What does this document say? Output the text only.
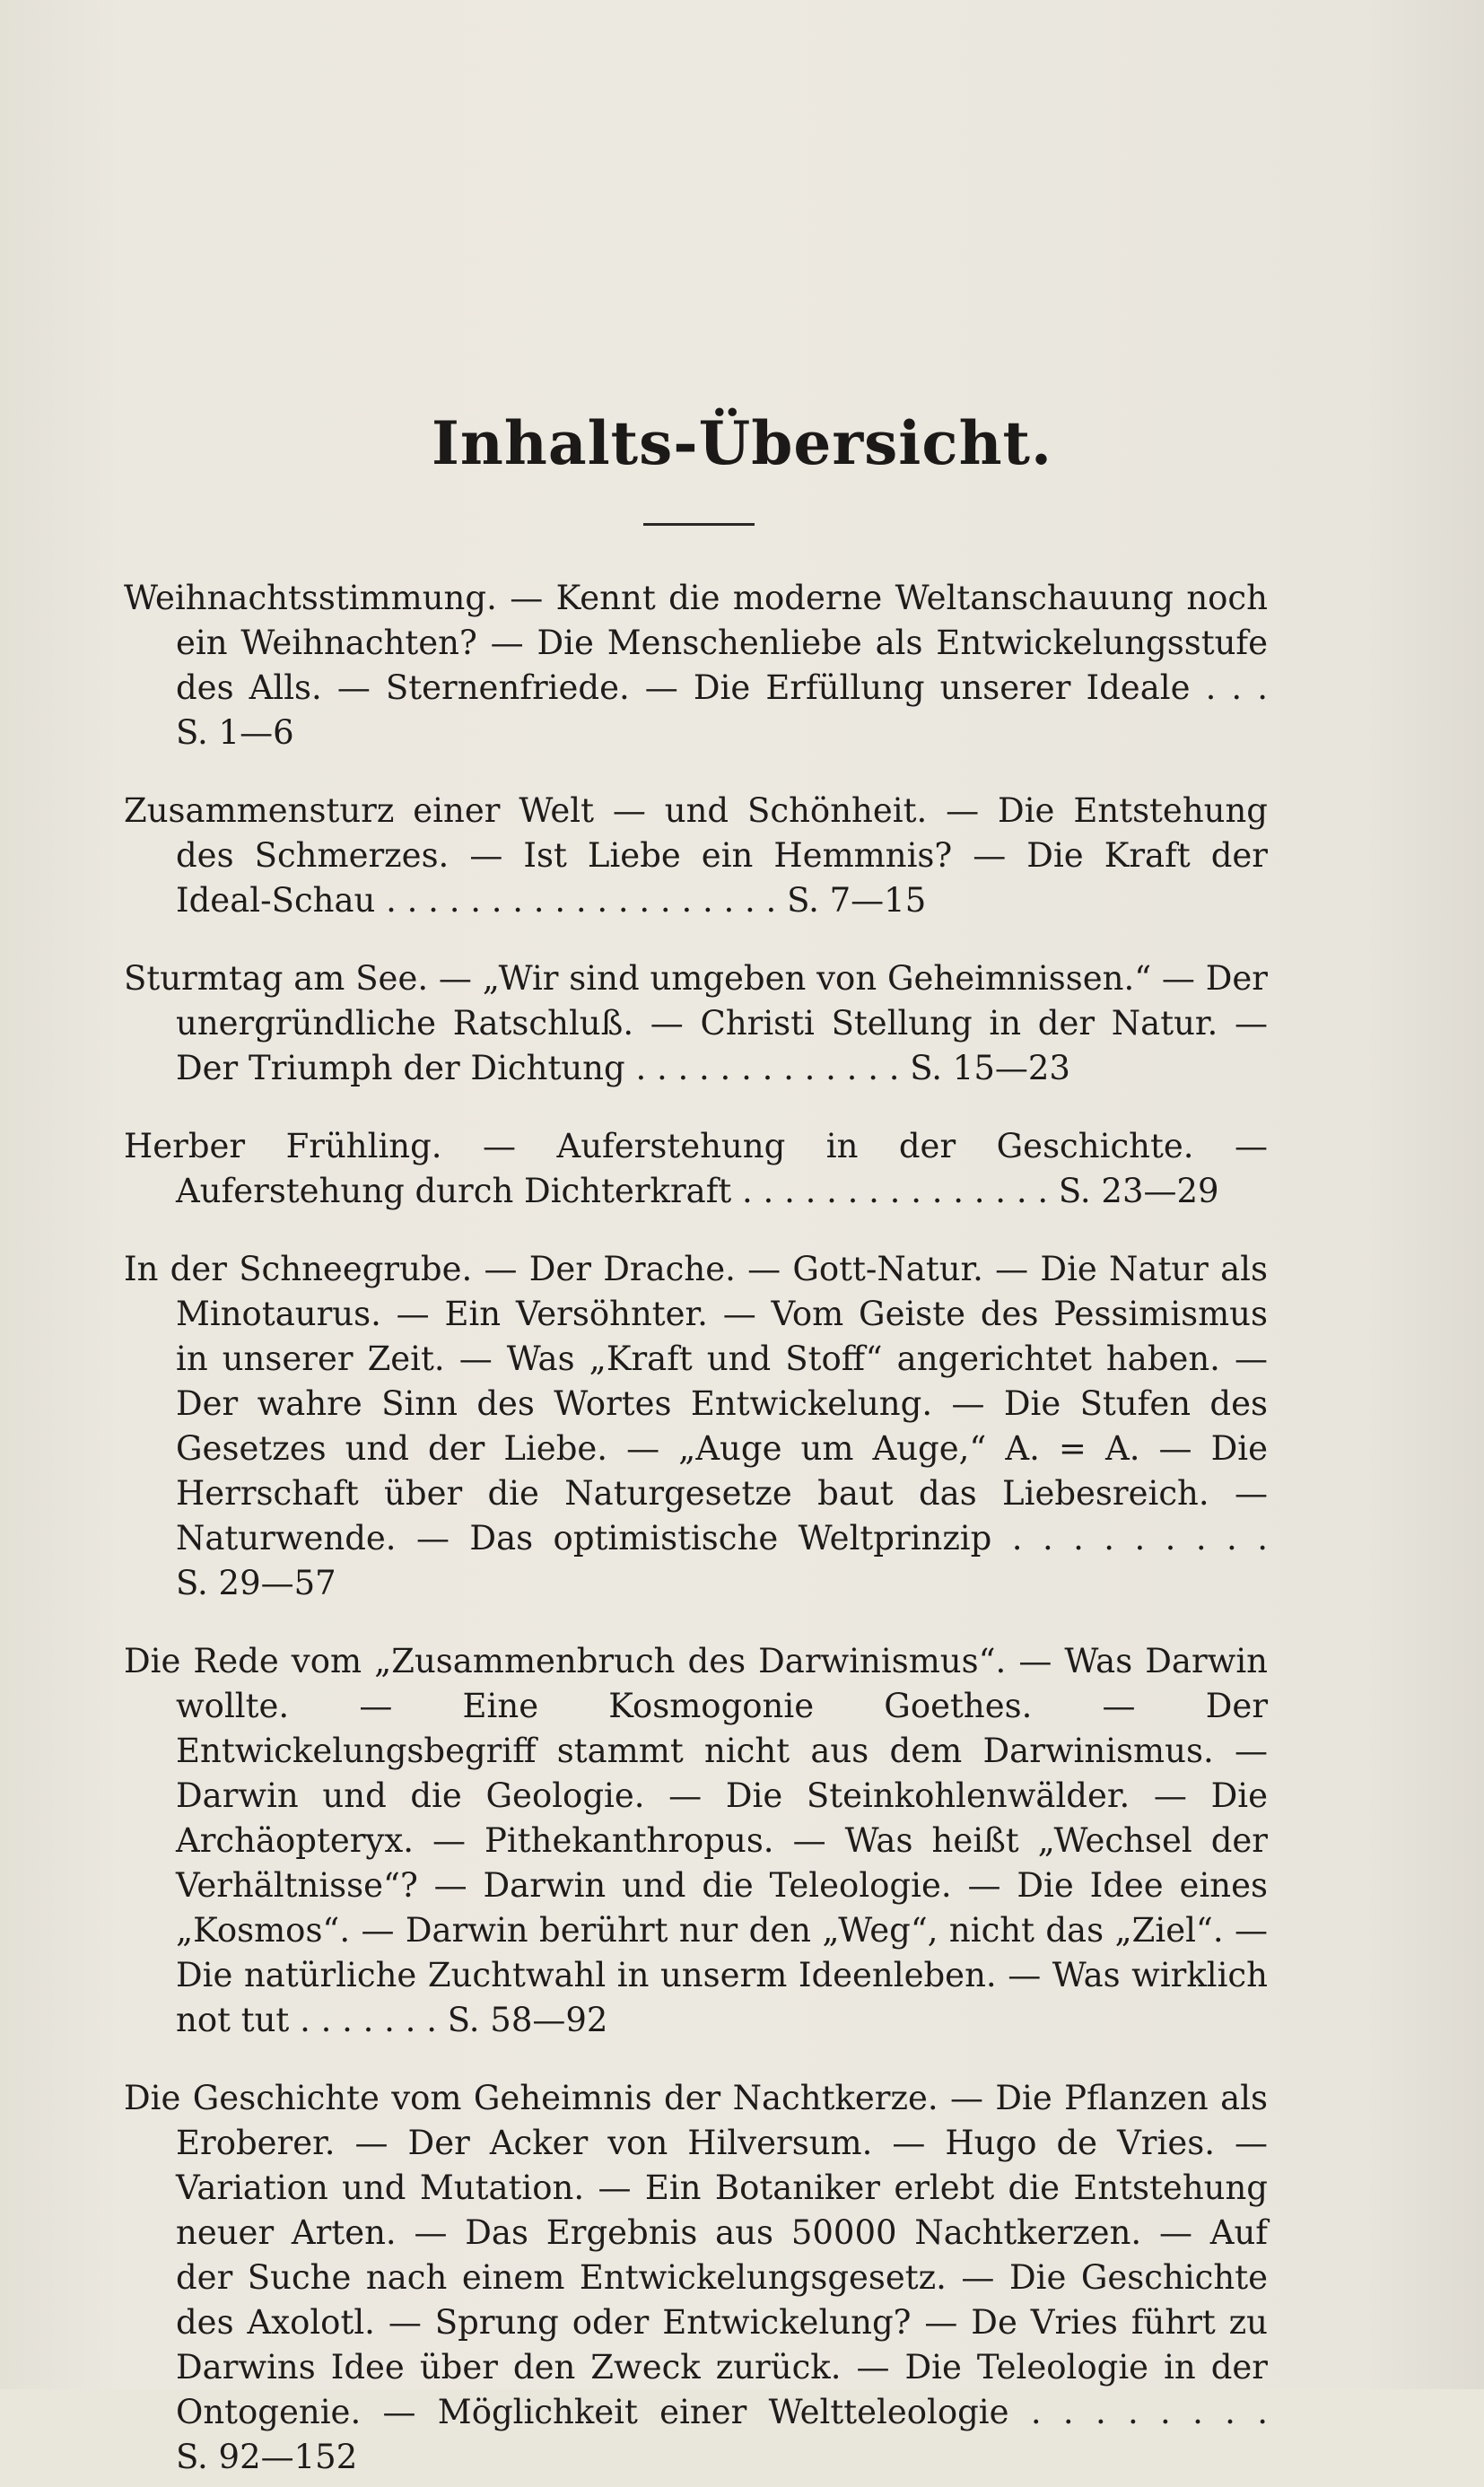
Inhalts-Übersicht.

Weihnachtsstimmung. — Kennt die moderne Weltanschauung noch ein Weihnachten? — Die Menschenliebe als Entwickelungsstufe des Alls. — Sternenfriede. — Die Erfüllung unserer Ideale . . . S. 1—6

Zusammensturz einer Welt — und Schönheit. — Die Entstehung des Schmerzes. — Ist Liebe ein Hemmnis? — Die Kraft der Ideal-Schau . . . . . . . . . . . . . . . . . . . S. 7—15

Sturmtag am See. — „Wir sind umgeben von Geheimnissen.“ — Der unergründliche Ratschluß. — Christi Stellung in der Natur. — Der Triumph der Dichtung . . . . . . . . . . . . . S. 15—23

Herber Frühling. — Auferstehung in der Geschichte. — Auferstehung durch Dichterkraft . . . . . . . . . . . . . . . S. 23—29

In der Schneegrube. — Der Drache. — Gott-Natur. — Die Natur als Minotaurus. — Ein Versöhnter. — Vom Geiste des Pessimismus in unserer Zeit. — Was „Kraft und Stoff“ angerichtet haben. — Der wahre Sinn des Wortes Entwickelung. — Die Stufen des Gesetzes und der Liebe. — „Auge um Auge,“ A. = A. — Die Herrschaft über die Naturgesetze baut das Liebesreich. — Naturwende. — Das optimistische Weltprinzip . . . . . . . . . S. 29—57

Die Rede vom „Zusammenbruch des Darwinismus“. — Was Darwin wollte. — Eine Kosmogonie Goethes. — Der Entwickelungsbegriff stammt nicht aus dem Darwinismus. — Darwin und die Geologie. — Die Steinkohlenwälder. — Die Archäopteryx. — Pithekanthropus. — Was heißt „Wechsel der Verhältnisse“? — Darwin und die Teleologie. — Die Idee eines „Kosmos“. — Darwin berührt nur den „Weg“, nicht das „Ziel“. — Die natürliche Zuchtwahl in unserm Ideenleben. — Was wirklich not tut . . . . . . . S. 58—92

Die Geschichte vom Geheimnis der Nachtkerze. — Die Pflanzen als Eroberer. — Der Acker von Hilversum. — Hugo de Vries. — Variation und Mutation. — Ein Botaniker erlebt die Entstehung neuer Arten. — Das Ergebnis aus 50000 Nachtkerzen. — Auf der Suche nach einem Entwickelungsgesetz. — Die Geschichte des Axolotl. — Sprung oder Entwickelung? — De Vries führt zu Darwins Idee über den Zweck zurück. — Die Teleologie in der Ontogenie. — Möglichkeit einer Weltteleologie . . . . . . . . S. 92—152
